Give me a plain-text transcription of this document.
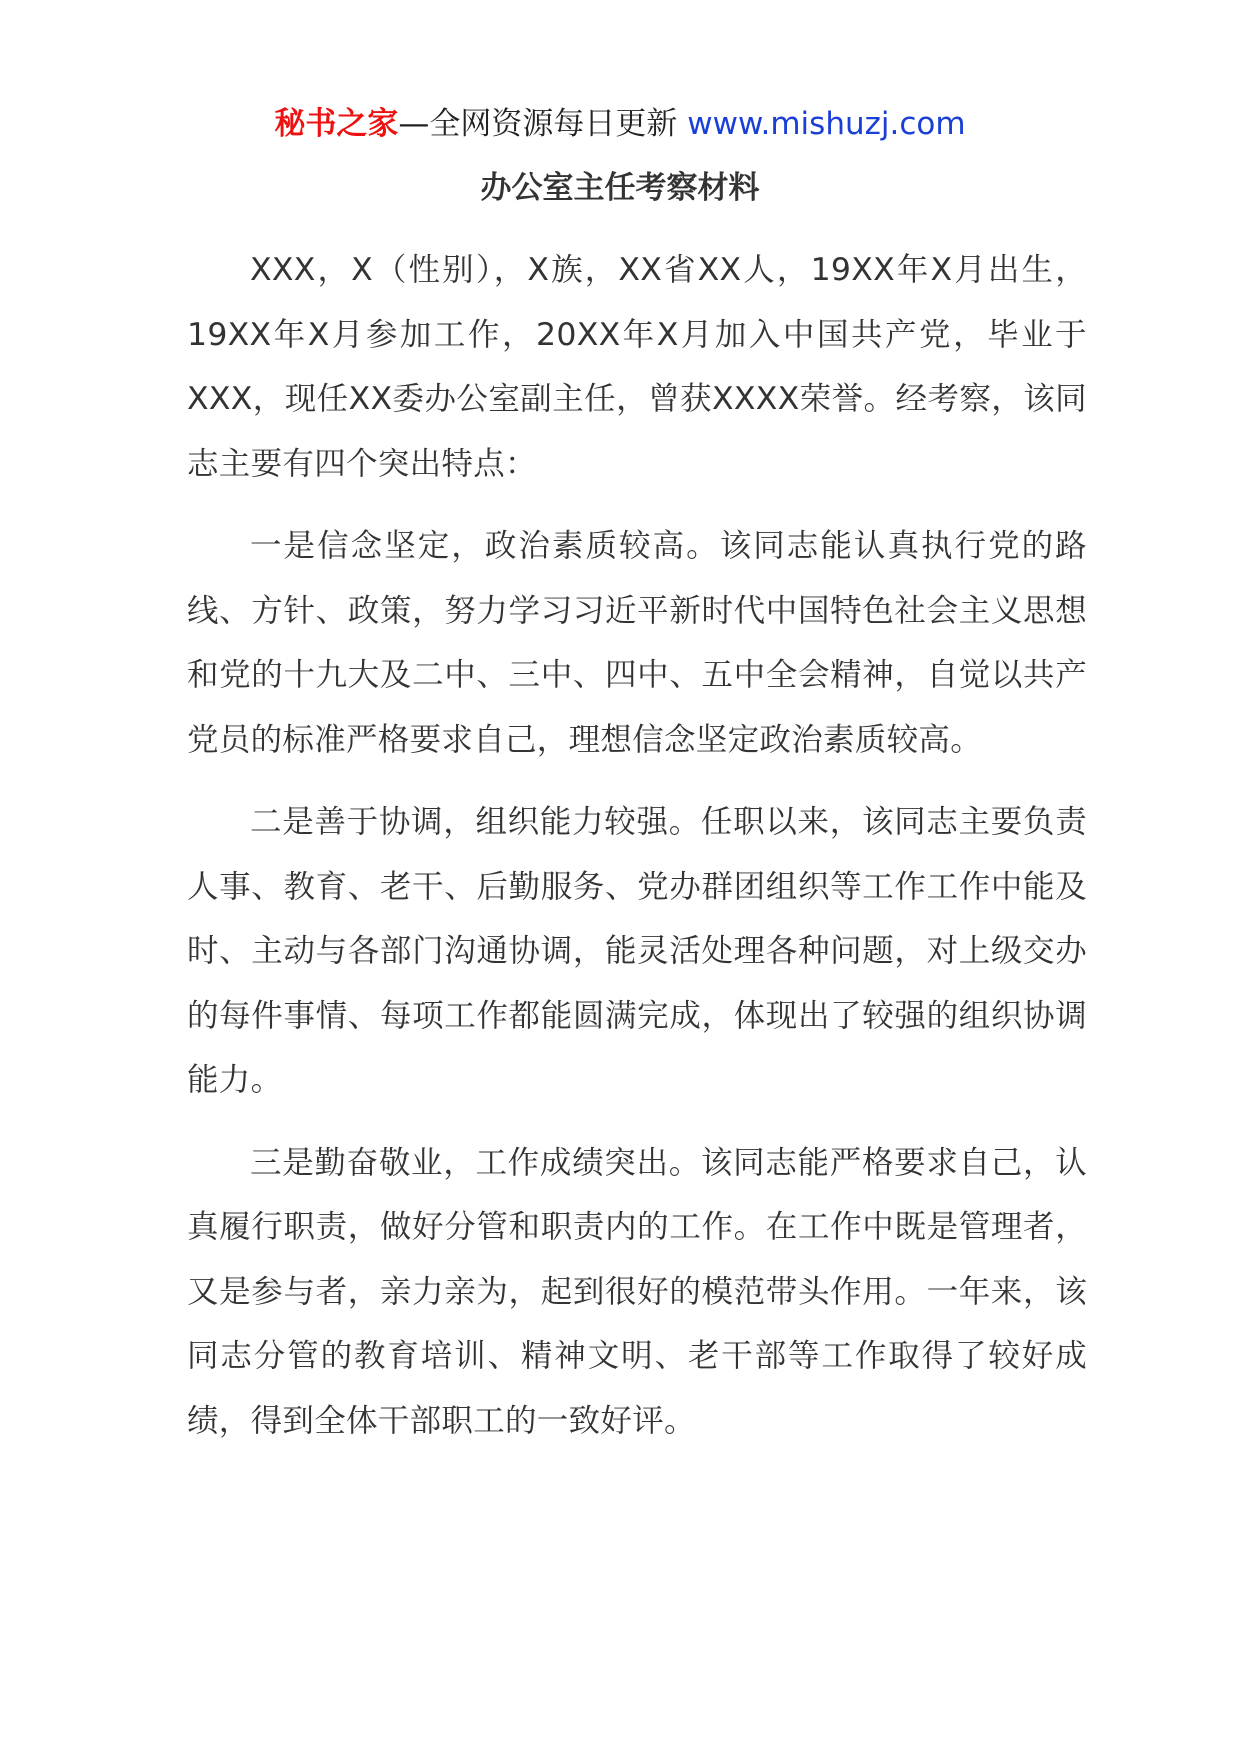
秘书之家—全网资源每日更新 www.mishuzj.com
办公室主任考察材料

XXX，X（性别），X族，XX省XX人，19XX年X月出生，19XX年X月参加工作，20XX年X月加入中国共产党，毕业于XXX，现任XX委办公室副主任，曾获XXXX荣誉。经考察，该同志主要有四个突出特点：

一是信念坚定，政治素质较高。该同志能认真执行党的路线、方针、政策，努力学习习近平新时代中国特色社会主义思想和党的十九大及二中、三中、四中、五中全会精神，自觉以共产党员的标准严格要求自己，理想信念坚定政治素质较高。

二是善于协调，组织能力较强。任职以来，该同志主要负责人事、教育、老干、后勤服务、党办群团组织等工作工作中能及时、主动与各部门沟通协调，能灵活处理各种问题，对上级交办的每件事情、每项工作都能圆满完成，体现出了较强的组织协调能力。

三是勤奋敬业，工作成绩突出。该同志能严格要求自己，认真履行职责，做好分管和职责内的工作。在工作中既是管理者，又是参与者，亲力亲为，起到很好的模范带头作用。一年来，该同志分管的教育培训、精神文明、老干部等工作取得了较好成绩，得到全体干部职工的一致好评。
